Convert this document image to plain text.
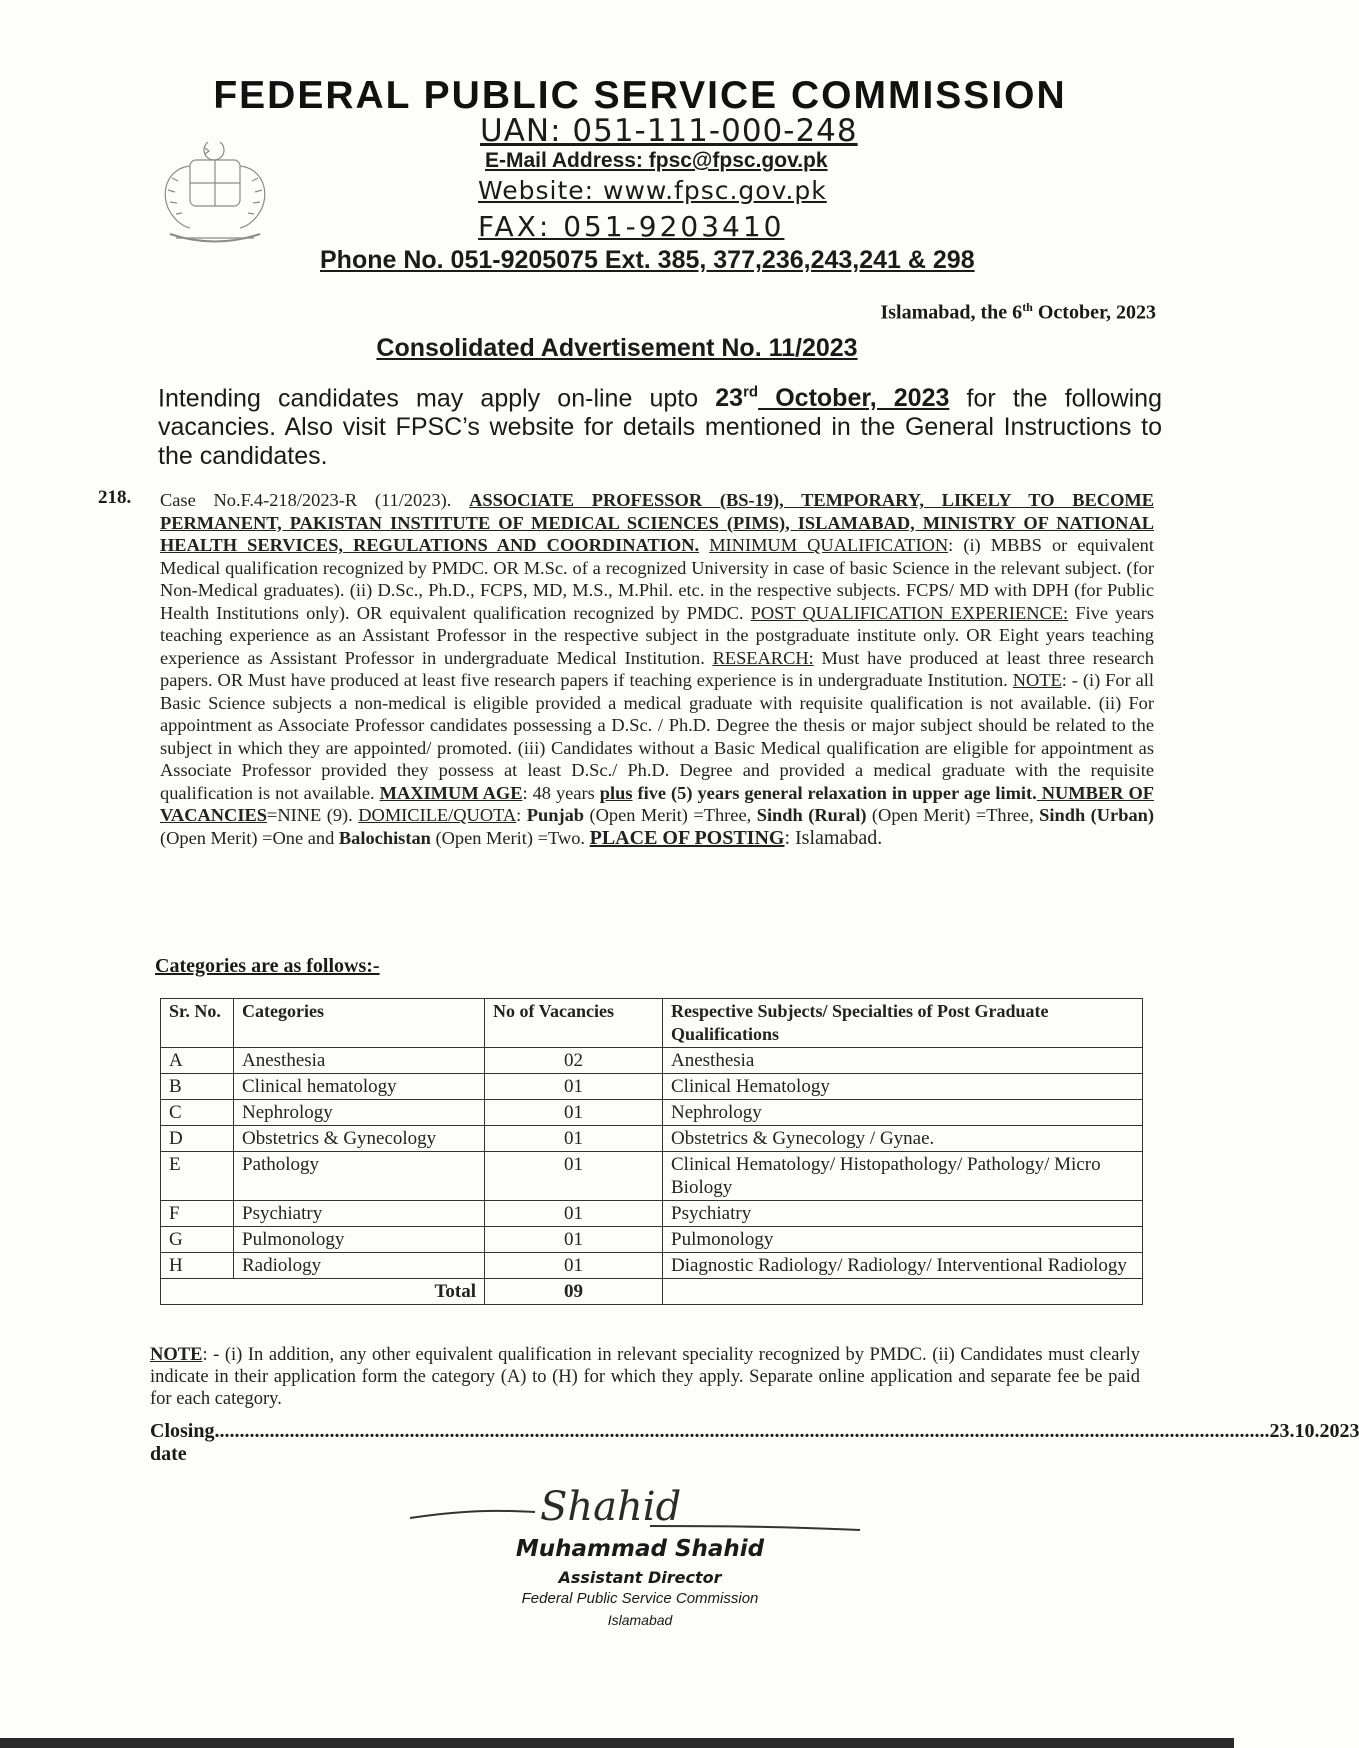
FEDERAL PUBLIC SERVICE COMMISSION
UAN: 051-111-000-248
E-Mail Address: fpsc@fpsc.gov.pk
Website: www.fpsc.gov.pk
FAX: 051-9203410
Phone No. 051-9205075 Ext. 385, 377,236,243,241 & 298
Islamabad, the 6th October, 2023
Consolidated Advertisement No. 11/2023
Intending candidates may apply on-line upto 23rd October, 2023 for the following vacancies. Also visit FPSC’s website for details mentioned in the General Instructions to the candidates.
218. Case No.F.4-218/2023-R (11/2023). ASSOCIATE PROFESSOR (BS-19), TEMPORARY, LIKELY TO BECOME PERMANENT, PAKISTAN INSTITUTE OF MEDICAL SCIENCES (PIMS), ISLAMABAD, MINISTRY OF NATIONAL HEALTH SERVICES, REGULATIONS AND COORDINATION. MINIMUM QUALIFICATION: (i) MBBS or equivalent Medical qualification recognized by PMDC. OR M.Sc. of a recognized University in case of basic Science in the relevant subject. (for Non-Medical graduates). (ii) D.Sc., Ph.D., FCPS, MD, M.S., M.Phil. etc. in the respective subjects. FCPS/ MD with DPH (for Public Health Institutions only). OR equivalent qualification recognized by PMDC. POST QUALIFICATION EXPERIENCE: Five years teaching experience as an Assistant Professor in the respective subject in the postgraduate institute only. OR Eight years teaching experience as Assistant Professor in undergraduate Medical Institution. RESEARCH: Must have produced at least three research papers. OR Must have produced at least five research papers if teaching experience is in undergraduate Institution. NOTE: - (i) For all Basic Science subjects a non-medical is eligible provided a medical graduate with requisite qualification is not available. (ii) For appointment as Associate Professor candidates possessing a D.Sc. / Ph.D. Degree the thesis or major subject should be related to the subject in which they are appointed/ promoted. (iii) Candidates without a Basic Medical qualification are eligible for appointment as Associate Professor provided they possess at least D.Sc./ Ph.D. Degree and provided a medical graduate with the requisite qualification is not available. MAXIMUM AGE: 48 years plus five (5) years general relaxation in upper age limit. NUMBER OF VACANCIES=NINE (9). DOMICILE/QUOTA: Punjab (Open Merit) =Three, Sindh (Rural) (Open Merit) =Three, Sindh (Urban) (Open Merit) =One and Balochistan (Open Merit) =Two. PLACE OF POSTING: Islamabad.
Categories are as follows:-
Sr. No.	Categories	No of Vacancies	Respective Subjects/ Specialties of Post Graduate Qualifications
A	Anesthesia	02	Anesthesia
B	Clinical hematology	01	Clinical Hematology
C	Nephrology	01	Nephrology
D	Obstetrics & Gynecology	01	Obstetrics & Gynecology / Gynae.
E	Pathology	01	Clinical Hematology/ Histopathology/ Pathology/ Micro Biology
F	Psychiatry	01	Psychiatry
G	Pulmonology	01	Pulmonology
H	Radiology	01	Diagnostic Radiology/ Radiology/ Interventional Radiology
Total		09	
NOTE: - (i) In addition, any other equivalent qualification in relevant speciality recognized by PMDC. (ii) Candidates must clearly indicate in their application form the category (A) to (H) for which they apply. Separate online application and separate fee be paid for each category.
Closing date
................................................................................................................................................................................................................... 23.10.2023
Shahid
Muhammad Shahid
Assistant Director
Federal Public Service Commission
Islamabad
